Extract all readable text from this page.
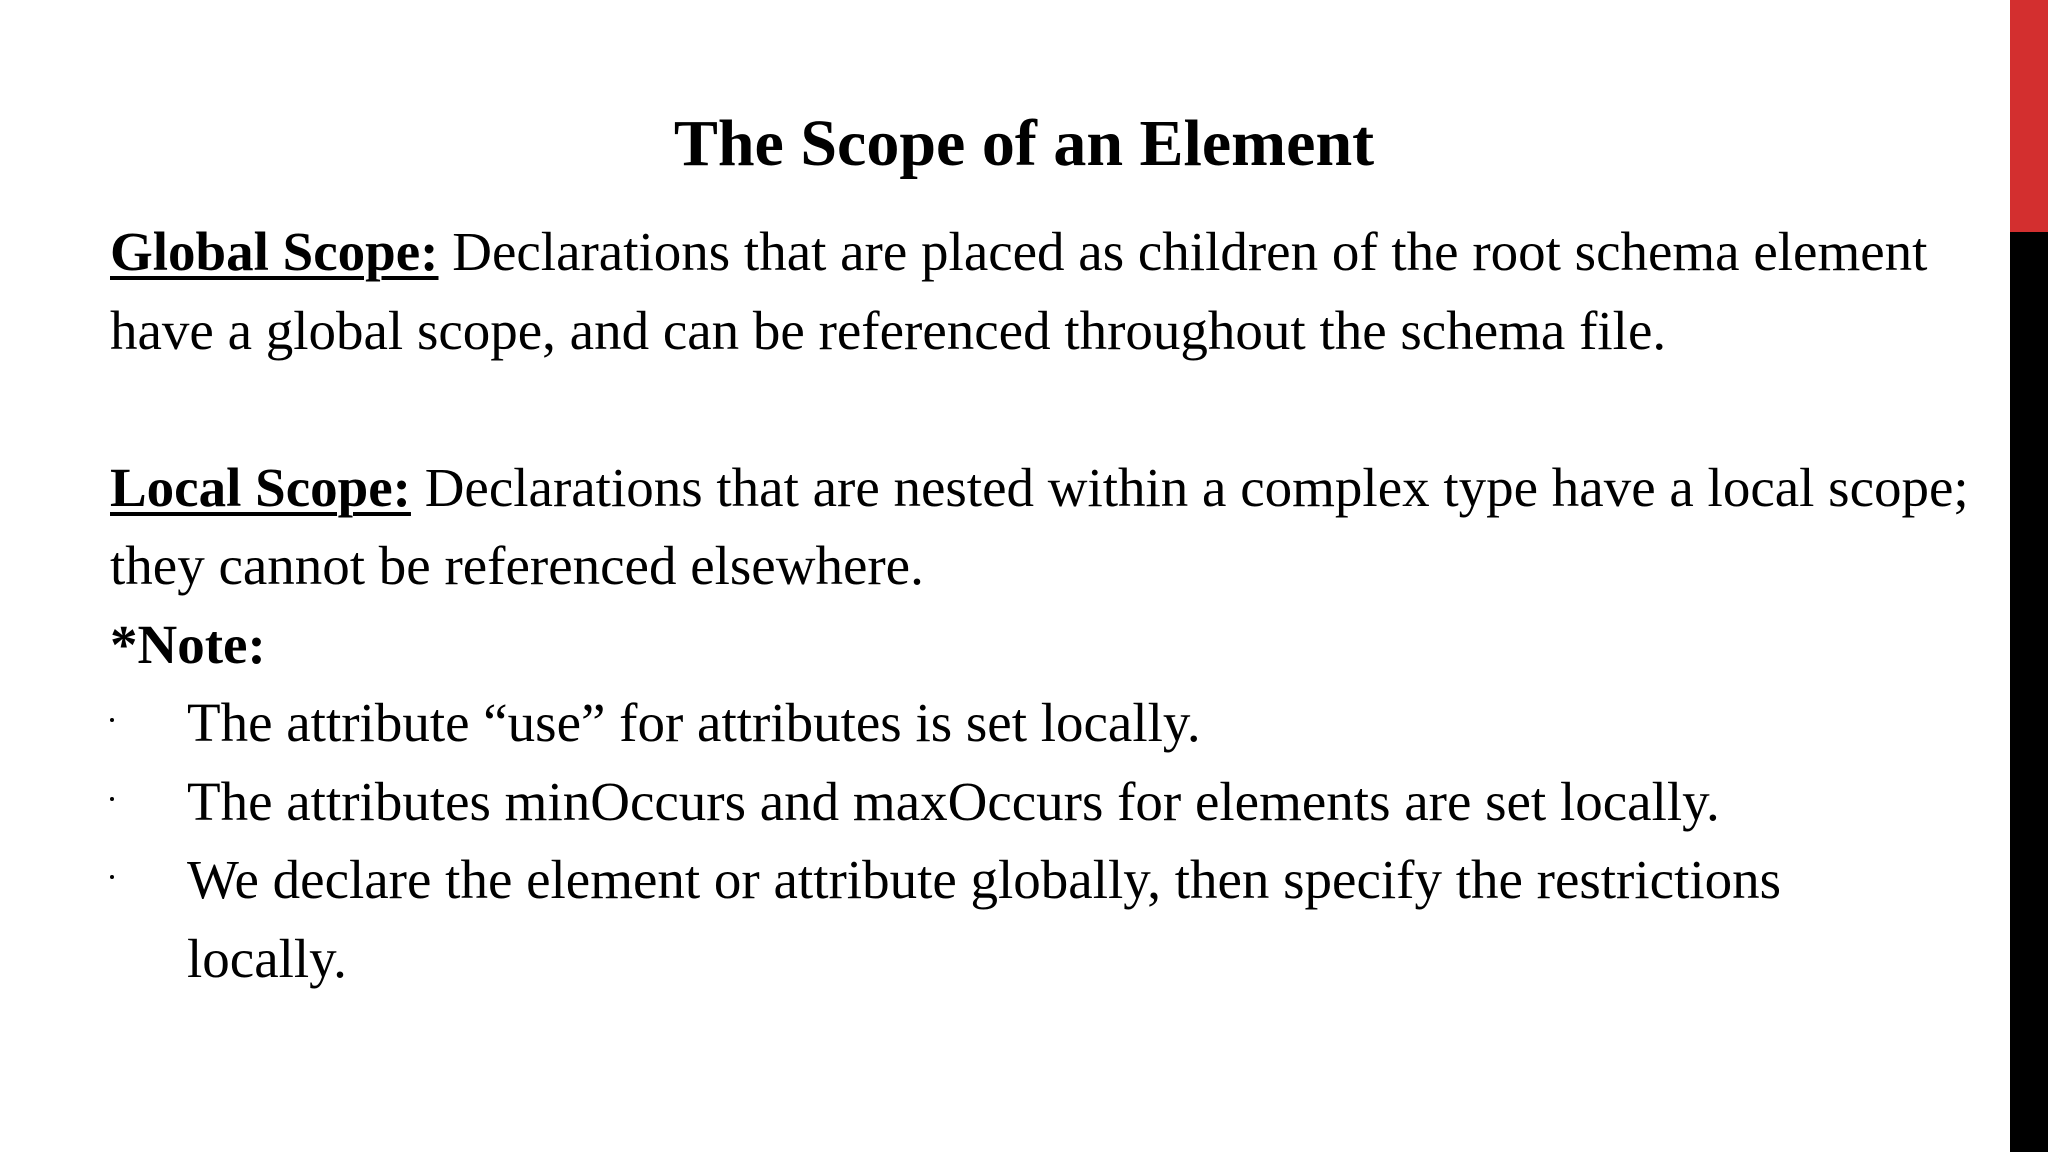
The Scope of an Element

Global Scope: Declarations that are placed as children of the root schema element have a global scope, and can be referenced throughout the schema file.

Local Scope: Declarations that are nested within a complex type have a local scope; they cannot be referenced elsewhere.

*Note:

The attribute “use” for attributes is set locally.
The attributes minOccurs and maxOccurs for elements are set locally.
We declare the element or attribute globally, then specify the restrictions locally.
